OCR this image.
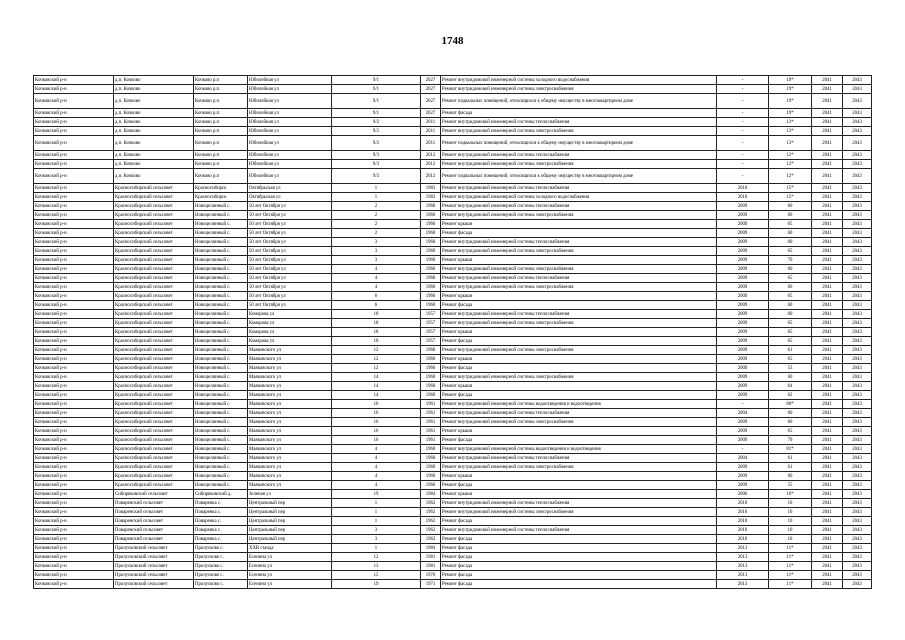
1748
Кочковский р-н	д.п. Кочково	Кочково р.п	Юбилейная ул	9/1	2027	Ремонт внутридомовой инженерной системы холодного водоснабжения	-	19*	2041	2043
Кочковский р-н	д.п. Кочково	Кочково р.п	Юбилейная ул	9/1	2027	Ремонт внутридомовой инженерной системы электроснабжения	-	19*	2041	2043
Кочковский р-н	д.п. Кочково	Кочково р.п	Юбилейная ул	9/1	2027	Ремонт подвальных помещений, относящихся к общему имуществу в многоквартирном доме	-	19*	2041	2043
Кочковский р-н	д.п. Кочково	Кочково р.п	Юбилейная ул	9/1	2027	Ремонт фасада	-	19*	2041	2043
Кочковский р-н	д.п. Кочково	Кочково р.п	Юбилейная ул	9/2	2011	Ремонт внутридомовой инженерной системы теплоснабжения	-	13*	2041	2043
Кочковский р-н	д.п. Кочково	Кочково р.п	Юбилейная ул	9/2	2011	Ремонт внутридомовой инженерной системы электроснабжения	-	13*	2041	2043
Кочковский р-н	д.п. Кочково	Кочково р.п	Юбилейная ул	9/2	2011	Ремонт подвальных помещений, относящихся к общему имуществу в многоквартирном доме	-	13*	2041	2043
Кочковский р-н	д.п. Кочково	Кочково р.п	Юбилейная ул	9/3	2012	Ремонт внутридомовой инженерной системы теплоснабжения	-	12*	2041	2043
Кочковский р-н	д.п. Кочково	Кочково р.п	Юбилейная ул	9/3	2012	Ремонт внутридомовой инженерной системы электроснабжения	-	12*	2041	2043
Кочковский р-н	д.п. Кочково	Кочково р.п	Юбилейная ул	9/3	2012	Ремонт подвальных помещений, относящихся к общему имуществу в многоквартирном доме	-	12*	2041	2043
Кочковский р-н	Красносибирский сельсовет	Красносибирск	Октябрьская ул	1	1983	Ремонт внутридомовой инженерной системы теплоснабжения	2010	15*	2041	2043
Кочковский р-н	Красносибирский сельсовет	Красносибирск	Октябрьская ул	1	1983	Ремонт внутридомовой инженерной системы холодного водоснабжения	2010	15*	2041	2043
Кочковский р-н	Красносибирский сельсовет	Новоцелинный с.	50 лет Октября ул	2	1960	Ремонт внутридомовой инженерной системы теплоснабжения	2009	60	2041	2043
Кочковский р-н	Красносибирский сельсовет	Новоцелинный с.	50 лет Октября ул	2	1960	Ремонт внутридомовой инженерной системы электроснабжения	2009	60	2041	2043
Кочковский р-н	Красносибирский сельсовет	Новоцелинный с.	50 лет Октября ул	2	1960	Ремонт крыши	2009	65	2041	2043
Кочковский р-н	Красносибирский сельсовет	Новоцелинный с.	50 лет Октября ул	2	1960	Ремонт фасада	2009	60	2041	2043
Кочковский р-н	Красносибирский сельсовет	Новоцелинный с.	50 лет Октября ул	3	1960	Ремонт внутридомовой инженерной системы теплоснабжения	2009	60	2041	2043
Кочковский р-н	Красносибирский сельсовет	Новоцелинный с.	50 лет Октября ул	3	1960	Ремонт внутридомовой инженерной системы электроснабжения	2009	65	2041	2043
Кочковский р-н	Красносибирский сельсовет	Новоцелинный с.	50 лет Октября ул	3	1960	Ремонт крыши	2009	70	2041	2043
Кочковский р-н	Красносибирский сельсовет	Новоцелинный с.	50 лет Октября ул	4	1960	Ремонт внутридомовой инженерной системы электроснабжения	2009	60	2041	2043
Кочковский р-н	Красносибирский сельсовет	Новоцелинный с.	50 лет Октября ул	4	1960	Ремонт внутридомовой инженерной системы теплоснабжения	2009	65	2041	2043
Кочковский р-н	Красносибирский сельсовет	Новоцелинный с.	50 лет Октября ул	4	1960	Ремонт внутридомовой инженерной системы электроснабжения	2009	60	2041	2043
Кочковский р-н	Красносибирский сельсовет	Новоцелинный с.	50 лет Октября ул	6	1960	Ремонт крыши	2009	65	2041	2043
Кочковский р-н	Красносибирский сельсовет	Новоцелинный с.	50 лет Октября ул	6	1960	Ремонт фасада	2009	60	2041	2043
Кочковский р-н	Красносибирский сельсовет	Новоцелинный с.	Комарова ул	18	1957	Ремонт внутридомовой инженерной системы теплоснабжения	2009	60	2041	2043
Кочковский р-н	Красносибирский сельсовет	Новоцелинный с.	Комарова ул	18	1957	Ремонт внутридомовой инженерной системы электроснабжения	2009	65	2041	2043
Кочковский р-н	Красносибирский сельсовет	Новоцелинный с.	Комарова ул	18	1957	Ремонт крыши	2009	65	2041	2043
Кочковский р-н	Красносибирский сельсовет	Новоцелинный с.	Комарова ул	18	1957	Ремонт фасада	2009	65	2041	2043
Кочковский р-н	Красносибирский сельсовет	Новоцелинный с.	Маяковского ул	12	1960	Ремонт внутридомовой инженерной системы электроснабжения	2009	61	2041	2043
Кочковский р-н	Красносибирский сельсовет	Новоцелинный с.	Маяковского ул	12	1960	Ремонт крыши	2009	65	2041	2043
Кочковский р-н	Красносибирский сельсовет	Новоцелинный с.	Маяковского ул	12	1960	Ремонт фасада	2009	53	2041	2043
Кочковский р-н	Красносибирский сельсовет	Новоцелинный с.	Маяковского ул	14	1960	Ремонт внутридомовой инженерной системы электроснабжения	2009	60	2041	2043
Кочковский р-н	Красносибирский сельсовет	Новоцелинный с.	Маяковского ул	14	1960	Ремонт крыши	2009	64	2041	2043
Кочковский р-н	Красносибирский сельсовет	Новоцелинный с.	Маяковского ул	14	1960	Ремонт фасада	2009	62	2041	2043
Кочковский р-н	Красносибирский сельсовет	Новоцелинный с.	Маяковского ул	16	1961	Ремонт внутридомовой инженерной системы водоотведения и водоотведения	-	80*	2041	2043
Кочковский р-н	Красносибирский сельсовет	Новоцелинный с.	Маяковского ул	16	1961	Ремонт внутридомовой инженерной системы теплоснабжения	2004	60	2041	2043
Кочковский р-н	Красносибирский сельсовет	Новоцелинный с.	Маяковского ул	16	1961	Ремонт внутридомовой инженерной системы электроснабжения	2009	60	2041	2043
Кочковский р-н	Красносибирский сельсовет	Новоцелинный с.	Маяковского ул	16	1961	Ремонт крыши	2009	65	2041	2043
Кочковский р-н	Красносибирский сельсовет	Новоцелинный с.	Маяковского ул	16	1961	Ремонт фасада	2009	70	2041	2043
Кочковский р-н	Красносибирский сельсовет	Новоцелинный с.	Маяковского ул	4	1960	Ремонт внутридомовой инженерной системы водоотведения и водоотведения	-	81*	2041	2043
Кочковский р-н	Красносибирский сельсовет	Новоцелинный с.	Маяковского ул	4	1960	Ремонт внутридомовой инженерной системы теплоснабжения	2004	61	2041	2043
Кочковский р-н	Красносибирский сельсовет	Новоцелинный с.	Маяковского ул	4	1960	Ремонт внутридомовой инженерной системы электроснабжения	2009	61	2041	2043
Кочковский р-н	Красносибирский сельсовет	Новоцелинный с.	Маяковского ул	4	1960	Ремонт крыши	2009	60	2041	2043
Кочковский р-н	Красносибирский сельсовет	Новоцелинный с.	Маяковского ул	4	1960	Ремонт фасада	2009	55	2041	2043
Кочковский р-н	Сибиряковский сельсовет	Сибиряковский д.	Зеленая ул	19	1984	Ремонт крыши	2006	16*	2041	2043
Кочковский р-н	Поваренский сельсовет	Поваренка с.	Центральный пер	1	1962	Ремонт внутридомовой инженерной системы теплоснабжения	2010	10	2041	2043
Кочковский р-н	Поваренский сельсовет	Поваренка с.	Центральный пер	1	1962	Ремонт внутридомовой инженерной системы электроснабжения	2010	10	2041	2043
Кочковский р-н	Поваренский сельсовет	Поваренка с.	Центральный пер	1	1962	Ремонт фасада	2010	10	2041	2043
Кочковский р-н	Поваренский сельсовет	Поваренка с.	Центральный пер	3	1962	Ремонт внутридомовой инженерной системы теплоснабжения	2010	10	2041	2043
Кочковский р-н	Поваренский сельсовет	Поваренка с.	Центральный пер	3	1962	Ремонт фасада	2010	10	2041	2043
Кочковский р-н	Пролусковский сельсовет	Пролусково с.	ХХВ съезда	1	1984	Ремонт фасада	2013	11*	2041	2043
Кочковский р-н	Пролусковский сельсовет	Пролусково с.	Есенина ул	12	1981	Ремонт фасада	2013	11*	2041	2043
Кочковский р-н	Пролусковский сельсовет	Пролусково с.	Есенина ул	13	1981	Ремонт фасада	2013	11*	2041	2043
Кочковский р-н	Пролусковский сельсовет	Пролусково с.	Есенина ул	15	1976	Ремонт фасада	2013	11*	2041	2043
Кочковский р-н	Пролусковский сельсовет	Пролусково с.	Есенина ул	19	1971	Ремонт фасада	2013	11*	2041	2043
